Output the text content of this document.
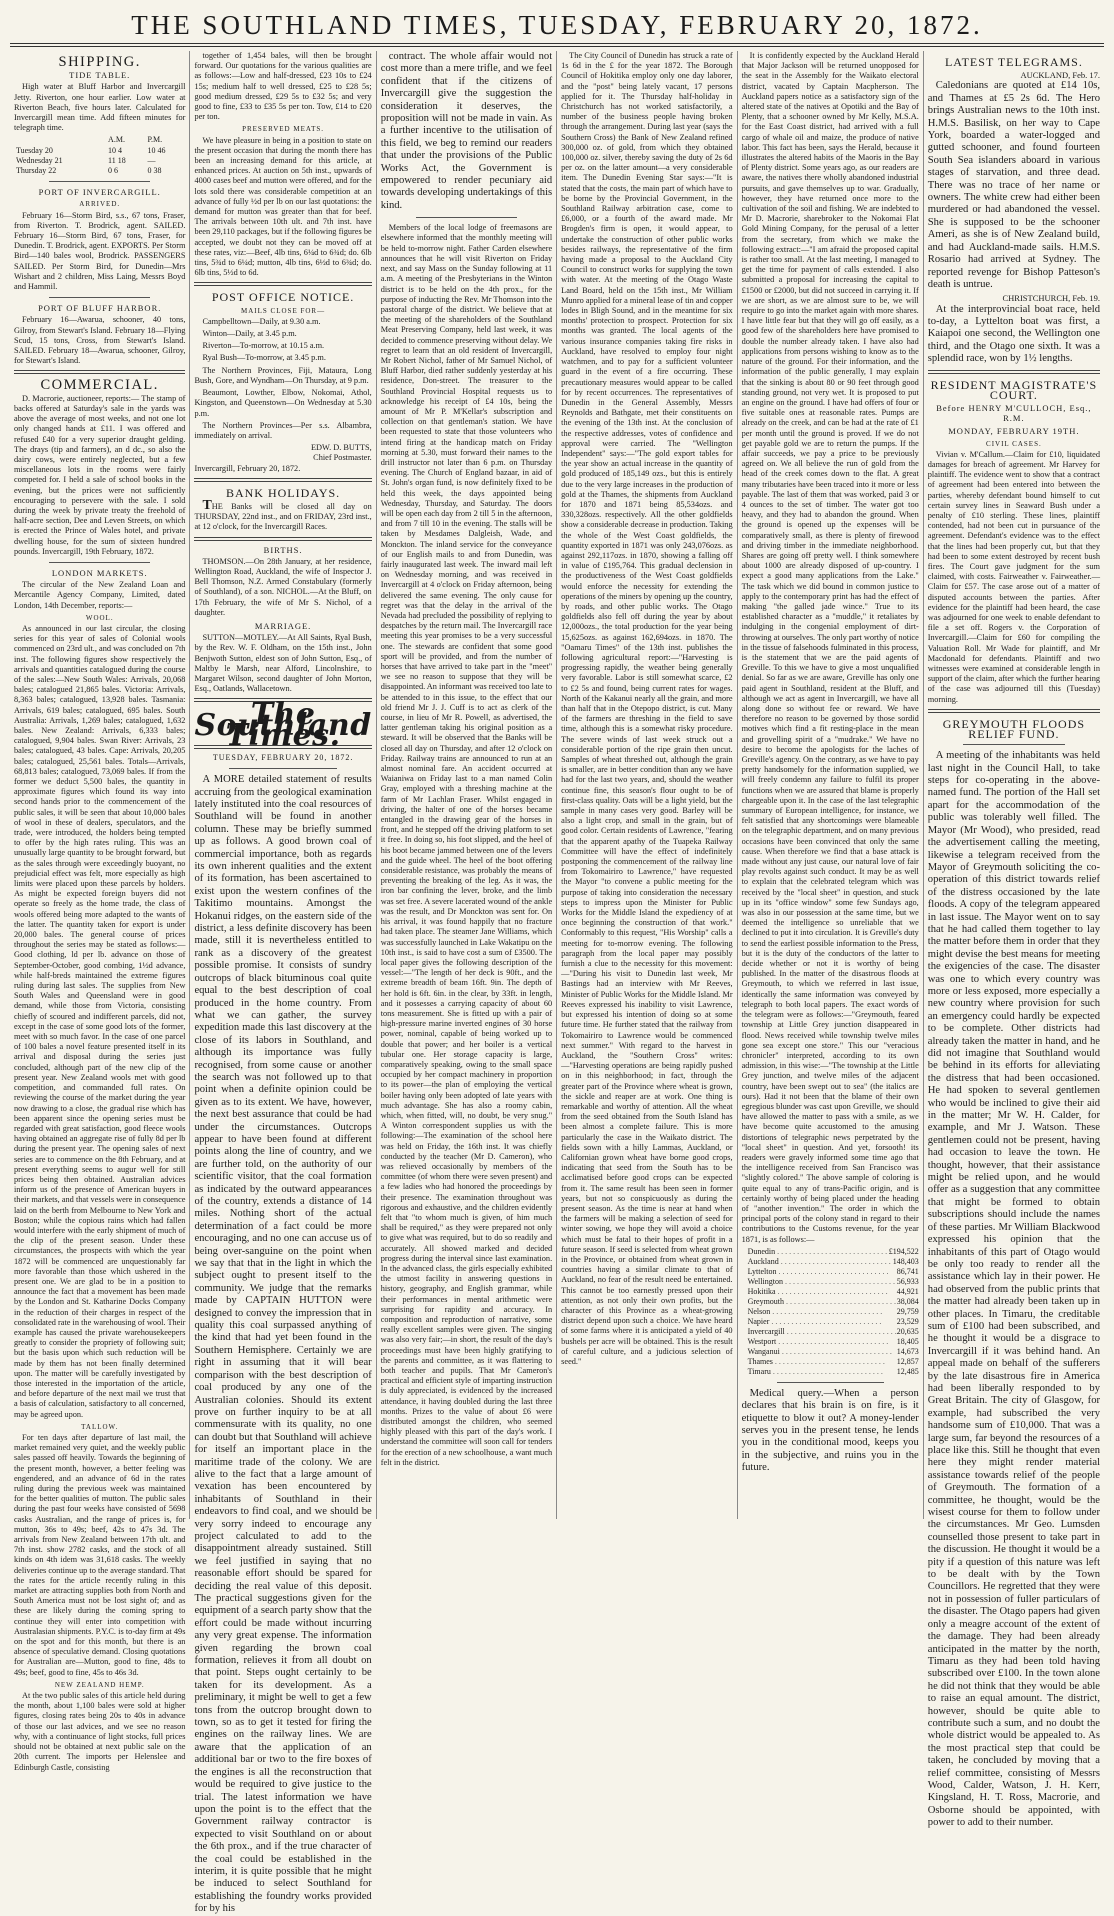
THE SOUTHLAND TIMES, TUESDAY, FEBRUARY 20, 1872.
SHIPPING.
TIDE TABLE.

High water at Bluff Harbor and Invercargill Jetty. Riverton, one hour earlier. Low water at Riverton Beach, five hours later. Calculated for Invercargill mean time. Add fifteen minutes for telegraph time.

	A.M.	P.M.
Tuesday 20	10 4	10 46
Wednesday 21	11 18	—
Thursday 22	0 6	0 38
PORT OF INVERCARGILL.
ARRIVED.

February 16—Storm Bird, s.s., 67 tons, Fraser, from Riverton. T. Brodrick, agent. SAILED. February 16—Storm Bird, 67 tons, Fraser, for Dunedin. T. Brodrick, agent. EXPORTS. Per Storm Bird—140 bales wool, Brodrick. PASSENGERS SAILED. Per Storm Bird, for Dunedin—Mrs Wishart and 2 children, Miss Laing, Messrs Boyd and Hammil.

PORT OF BLUFF HARBOR.

February 16—Awarua, schooner, 40 tons, Gilroy, from Stewart's Island. February 18—Flying Scud, 15 tons, Cross, from Stewart's Island. SAILED. February 18—Awarua, schooner, Gilroy, for Stewart's Island.

COMMERCIAL.

D. Macrorie, auctioneer, reports:— The stamp of backs offered at Saturday's sale in the yards was above the average of most weeks, and not one lot only changed hands at £11. I was offered and refused £40 for a very superior draught gelding. The drays (tip and farmers), an d dc., so also the dairy cows, were entirely neglected, but a few miscellaneous lots in the rooms were fairly competed for. I held a sale of school books in the evening, but the prices were not sufficiently encouraging to persevere with the sale. I sold during the week by private treaty the freehold of half-acre section, Dee and Leven Streets, on which is erected the Prince of Wales hotel, and private dwelling house, for the sum of sixteen hundred pounds. Invercargill, 19th February, 1872.

LONDON MARKETS.

The circular of the New Zealand Loan and Mercantile Agency Company, Limited, dated London, 14th December, reports:—

WOOL.

As announced in our last circular, the closing series for this year of sales of Colonial wools commenced on 23rd ult., and was concluded on 7th inst. The following figures show respectively the arrivals and quantities catalogued during the course of the sales:—New South Wales: Arrivals, 20,068 bales; catalogued 21,865 bales. Victoria: Arrivals, 8,363 bales; catalogued, 13,928 bales. Tasmania: Arrivals, 619 bales; catalogued, 695 bales. South Australia: Arrivals, 1,269 bales; catalogued, 1,632 bales. New Zealand: Arrivals, 6,333 bales; catalogued, 9,904 bales. Swan River: Arrivals, 23 bales; catalogued, 43 bales. Cape: Arrivals, 20,205 bales; catalogued, 25,561 bales. Totals—Arrivals, 68,813 bales; catalogued, 73,069 bales. If from the former we deduct 5,500 bales, the quantity in approximate figures which found its way into second hands prior to the commencement of the public sales, it will be seen that about 10,000 bales of wool in these of dealers, speculators, and the trade, were introduced, the holders being tempted to offer by the high rates ruling. This was an unusually large quantity to be brought forward, but as the sales through were exceedingly buoyant, no prejudicial effect was felt, more especially as high limits were placed upon these parcels by holders. As might be expected foreign buyers did not operate so freely as the home trade, the class of wools offered being more adapted to the wants of the latter. The quantity taken for export is under 20,000 bales. The general course of prices throughout the series may be stated as follows:—Good clothing, ld per lb. advance on those of September-October, good combing, 1½d advance, while half-breds maintained the extreme figures ruling during last sales. The supplies from New South Wales and Queensland were in good demand, while those from Victoria, consisting chiefly of scoured and indifferent parcels, did not, except in the case of some good lots of the former, meet with so much favor. In the case of one parcel of 100 bales a novel feature presented itself in its arrival and disposal during the series just concluded, although part of the new clip of the present year. New Zealand wools met with good competition, and commanded full rates. On reviewing the course of the market during the year now drawing to a close, the gradual rise which has been apparent since the opening series must be regarded with great satisfaction, good fleece wools having obtained an aggregate rise of fully 8d per lb during the present year. The opening sales of next series are to commence on the 8th February, and at present everything seems to augur well for still prices being then obtained. Australian advices inform us of the presence of American buyers in their markets, and that vessels were in consequence laid on the berth from Melbourne to New York and Boston; while the copious rains which had fallen would interfere with the early shipment of much of the clip of the present season. Under these circumstances, the prospects with which the year 1872 will be commenced are unquestionably far more favorable than those which ushered in the present one. We are glad to be in a position to announce the fact that a movement has been made by the London and St. Katharine Docks Company in the reduction of their charges in respect of the consolidated rate in the warehousing of wool. Their example has caused the private warehousekeepers greatly to consider the propriety of following suit; but the basis upon which such reduction will be made by them has not been finally determined upon. The matter will be carefully investigated by those interested in the importation of the article, and before departure of the next mail we trust that a basis of calculation, satisfactory to all concerned, may be agreed upon.

TALLOW.

For ten days after departure of last mail, the market remained very quiet, and the weekly public sales passed off heavily. Towards the beginning of the present month, however, a better feeling was engendered, and an advance of 6d in the rates ruling during the previous week was maintained for the better qualities of mutton. The public sales during the past four weeks have consisted of 5698 casks Australian, and the range of prices is, for mutton, 36s to 49s; beef, 42s to 47s 3d. The arrivals from New Zealand between 17th ult. and 7th inst. show 2782 casks, and the stock of all kinds on 4th idem was 31,618 casks. The weekly deliveries continue up to the average standard. That the rates for the article recently ruling in this market are attracting supplies both from North and South America must not be lost sight of; and as these are likely during the coming spring to continue they will enter into competition with Australasian shipments. P.Y.C. is to-day firm at 49s on the spot and for this month, but there is an absence of speculative demand. Closing quotations for Australian are—Mutton, good to fine, 48s to 49s; beef, good to fine, 45s to 46s 3d.

NEW ZEALAND HEMP.

At the two public sales of this article held during the month, about 1,100 bales were sold at higher figures, closing rates being 20s to 40s in advance of those our last advices, and we see no reason why, with a continuance of light stocks, full prices should not be obtained at next public sale on the 20th current. The imports per Helenslee and Edinburgh Castle, consisting

together of 1,454 bales, will then be brought forward. Our quotations for the various qualities are as follows:—Low and half-dressed, £23 10s to £24 15s; medium half to well dressed, £25 to £28 5s; good medium dressed, £29 5s to £32 5s; and very good to fine, £33 to £35 5s per ton. Tow, £14 to £20 per ton.

PRESERVED MEATS.

We have pleasure in being in a position to state on the present occasion that during the month there has been an increasing demand for this article, at enhanced prices. At auction on 5th inst., upwards of 4000 cases beef and mutton were offered, and for the lots sold there was considerable competition at an advance of fully ½d per lb on our last quotations: the demand for mutton was greater than that for beef. The arrivals between 10th ult. and 7th inst. have been 29,110 packages, but if the following figures be accepted, we doubt not they can be moved off at these rates, viz:—Beef, 4lb tins, 6¼d to 6¾d; do. 6lb tins, 5¾d to 6¼d; mutton, 4lb tins, 6½d to 6¾d; do. 6lb tins, 5½d to 6d.

POST OFFICE NOTICE.
MAILS CLOSE FOR—

Campbelltown—Daily, at 9.30 a.m.

Winton—Daily, at 3.45 p.m.

Riverton—To-morrow, at 10.15 a.m.

Ryal Bush—To-morrow, at 3.45 p.m.

The Northern Provinces, Fiji, Mataura, Long Bush, Gore, and Wyndham—On Thursday, at 9 p.m.

Beaumont, Lowther, Elbow, Nokomai, Athol, Kingston, and Queenstown—On Wednesday at 5.30 p.m.

The Northern Provinces—Per s.s. Albambra, immediately on arrival.

EDW. D. BUTTS,
Chief Postmaster.
Invercargill, February 20, 1872.
BANK HOLIDAYS.

THE Banks will be closed all day on THURSDAY, 22nd inst., and on FRIDAY, 23rd inst., at 12 o'clock, for the Invercargill Races.

BIRTHS.

THOMSON.—On 28th January, at her residence, Wellington Road, Auckland, the wife of Inspector J. Bell Thomson, N.Z. Armed Constabulary (formerly of Southland), of a son. NICHOL.—At the Bluff, on 17th February, the wife of Mr S. Nichol, of a daughter.

MARRIAGE.

SUTTON—MOTLEY.—At All Saints, Ryal Bush, by the Rev. W. F. Oldham, on the 15th inst., John Benjwoth Sutton, eldest son of John Sutton, Esq., of Maltby le Marsh, near Alford, Lincolnshire, to Margaret Wilson, second daughter of John Morton, Esq., Oatlands, Wallacetown.

The Southland Times.
TUESDAY, FEBRUARY 20, 1872.

A MORE detailed statement of results accruing from the geological examination lately instituted into the coal resources of Southland will be found in another column. These may be briefly summed up as follows. A good brown coal of commercial importance, both as regards its own inherent qualities and the extent of its formation, has been ascertained to exist upon the western confines of the Takitimo mountains. Amongst the Hokanui ridges, on the eastern side of the district, a less definite discovery has been made, still it is nevertheless entitled to rank as a discovery of the greatest possible promise. It consists of sundry outcrops of black bituminous coal quite equal to the best description of coal produced in the home country. From what we can gather, the survey expedition made this last discovery at the close of its labors in Southland, and although its importance was fully recognised, from some cause or another the search was not followed up to that point when a definite opinion could be given as to its extent. We have, however, the next best assurance that could be had under the circumstances. Outcrops appear to have been found at different points along the line of country, and we are further told, on the authority of our scientific visitor, that the coal formation as indicated by the outward appearances of the country, extends a distance of 14 miles. Nothing short of the actual determination of a fact could be more encouraging, and no one can accuse us of being over-sanguine on the point when we say that that in the light in which the subject ought to present itself to the community. We judge that the remarks made by CAPTAIN HUTTON were designed to convey the impression that in quality this coal surpassed anything of the kind that had yet been found in the Southern Hemisphere. Certainly we are right in assuming that it will bear comparison with the best description of coal produced by any one of the Australian colonies. Should its extent prove on further inquiry to be at all commensurate with its quality, no one can doubt but that Southland will achieve for itself an important place in the maritime trade of the colony. We are alive to the fact that a large amount of vexation has been encountered by inhabitants of Southland in their endeavors to find coal, and we should be very sorry indeed to encourage any project calculated to add to the disappointment already sustained. Still we feel justified in saying that no reasonable effort should be spared for deciding the real value of this deposit. The practical suggestions given for the equipment of a search party show that the effort could be made without incurring any very great expense. The information given regarding the brown coal formation, relieves it from all doubt on that point. Steps ought certainly to be taken for its development. As a preliminary, it might be well to get a few tons from the outcrop brought down to town, so as to get it tested for firing the engines on the railway lines. We are aware that the application of an additional bar or two to the fire boxes of the engines is all the reconstruction that would be required to give justice to the trial. The latest information we have upon the point is to the effect that the Government railway contractor is expected to visit Southland on or about the 6th prox., and if the true character of the coal could be established in the interim, it is quite possible that he might be induced to select Southland for establishing the foundry works provided for by his

contract. The whole affair would not cost more than a mere trifle, and we feel confident that if the citizens of Invercargill give the suggestion the consideration it deserves, the proposition will not be made in vain. As a further incentive to the utilisation of this field, we beg to remind our readers that under the provisions of the Public Works Act, the Government is empowered to render pecuniary aid towards developing undertakings of this kind.

Members of the local lodge of freemasons are elsewhere informed that the monthly meeting will be held to-morrow night. Father Carden elsewhere announces that he will visit Riverton on Friday next, and say Mass on the Sunday following at 11 a.m. A meeting of the Presbyterians in the Winton district is to be held on the 4th prox., for the purpose of inducting the Rev. Mr Thomson into the pastoral charge of the district. We believe that at the meeting of the shareholders of the Southland Meat Preserving Company, held last week, it was decided to commence preserving without delay. We regret to learn that an old resident of Invercargill, Mr Robert Nichol, father of Mr Samuel Nichol, of Bluff Harbor, died rather suddenly yesterday at his residence, Don-street. The treasurer to the Southland Provincial Hospital requests us to acknowledge his receipt of £4 10s, being the amount of Mr P. M'Kellar's subscription and collection on that gentleman's station. We have been requested to state that those volunteers who intend firing at the handicap match on Friday morning at 5.30, must forward their names to the drill instructor not later than 6 p.m. on Thursday evening. The Church of England bazaar, in aid of St. John's organ fund, is now definitely fixed to be held this week, the days appointed being Wednesday, Thursday, and Saturday. The doors will be open each day from 2 till 5 in the afternoon, and from 7 till 10 in the evening. The stalls will be taken by Mesdames Dalgleish, Wade, and Monckton. The inland service for the conveyance of our English mails to and from Dunedin, was fairly inaugurated last week. The inward mail left on Wednesday morning, and was received in Invercargill at 4 o'clock on Friday afternoon, being delivered the same evening. The only cause for regret was that the delay in the arrival of the Nevada had precluded the possibility of replying to despatches by the return mail. The Invercargill race meeting this year promises to be a very successful one. The stewards are confident that some good sport will be provided, and from the number of horses that have arrived to take part in the "meet" we see no reason to suppose that they will be disappointed. An informant was received too late to be attended to in this issue, to the effect that our old friend Mr J. J. Cuff is to act as clerk of the course, in lieu of Mr R. Powell, as advertised, the latter gentleman taking his original position as a steward. It will be observed that the Banks will be closed all day on Thursday, and after 12 o'clock on Friday. Railway trains are announced to run at an almost nominal fare. An accident occurred at Waianiwa on Friday last to a man named Colin Gray, employed with a threshing machine at the farm of Mr Lachlan Fraser. Whilst engaged in driving, the halter of one of the horses became entangled in the drawing gear of the horses in front, and he stepped off the driving platform to set it free. In doing so, his foot slipped, and the heel of his boot became jammed between one of the levers and the guide wheel. The heel of the boot offering considerable resistance, was probably the means of preventing the breaking of the leg. As it was, the iron bar confining the lever, broke, and the limb was set free. A severe lacerated wound of the ankle was the result, and Dr Monckton was sent for. On his arrival, it was found happily that no fracture had taken place. The steamer Jane Williams, which was successfully launched in Lake Wakatipu on the 10th inst., is said to have cost a sum of £3500. The local paper gives the following description of the vessel:—"The length of her deck is 90ft., and the extreme breadth of beam 16ft. 9in. The depth of her hold is 6ft. 6in. in the clear, by 33ft. in length, and it possesses a carrying capacity of about 60 tons measurement. She is fitted up with a pair of high-pressure marine inverted engines of 30 horse power, nominal, capable of being worked up to double that power; and her boiler is a vertical tubular one. Her storage capacity is large, comparatively speaking, owing to the small space occupied by her compact machinery in proportion to its power—the plan of employing the vertical boiler having only been adopted of late years with much advantage. She has also a roomy cabin, which, when fitted, will, no doubt, be very snug." A Winton correspondent supplies us with the following:—The examination of the school here was held on Friday, the 16th inst. It was chiefly conducted by the teacher (Mr D. Cameron), who was relieved occasionally by members of the committee (of whom there were seven present) and a few ladies who had honored the proceedings by their presence. The examination throughout was rigorous and exhaustive, and the children evidently felt that "to whom much is given, of him much shall be required," as they were prepared not only to give what was required, but to do so readily and accurately. All showed marked and decided progress during the interval since last examination. In the advanced class, the girls especially exhibited the utmost facility in answering questions in history, geography, and English grammar, while their performances in mental arithmetic were surprising for rapidity and accuracy. In composition and reproduction of narrative, some really excellent samples were given. The singing was also very fair;—in short, the result of the day's proceedings must have been highly gratifying to the parents and committee, as it was flattering to both teacher and pupils. That Mr Cameron's practical and efficient style of imparting instruction is duly appreciated, is evidenced by the increased attendance, it having doubled during the last three months. Prizes to the value of about £6 were distributed amongst the children, who seemed highly pleased with this part of the day's work. I understand the committee will soon call for tenders for the erection of a new schoolhouse, a want much felt in the district.

The City Council of Dunedin has struck a rate of 1s 6d in the £ for the year 1872. The Borough Council of Hokitika employ only one day laborer, and the "post" being lately vacant, 17 persons applied for it. The Thursday half-holiday in Christchurch has not worked satisfactorily, a number of the business people having broken through the arrangement. During last year (says the Southern Cross) the Bank of New Zealand refined 300,000 oz. of gold, from which they obtained 100,000 oz. silver, thereby saving the duty of 2s 6d per oz. on the latter amount—a very considerable item. The Dunedin Evening Star says:—"It is stated that the costs, the main part of which have to be borne by the Provincial Government, in the Southland Railway arbitration case, come to £6,000, or a fourth of the award made. Mr Brogden's firm is open, it would appear, to undertake the construction of other public works besides railways, the representative of the firm having made a proposal to the Auckland City Council to construct works for supplying the town with water. At the meeting of the Otago Waste Land Board, held on the 15th inst., Mr William Munro applied for a mineral lease of tin and copper lodes in Bligh Sound, and in the meantime for six months' protection to prospect. Protection for six months was granted. The local agents of the various insurance companies taking fire risks in Auckland, have resolved to employ four night watchmen, and to pay for a sufficient volunteer guard in the event of a fire occurring. These precautionary measures would appear to be called for by recent occurrences. The representatives of Dunedin in the General Assembly, Messrs Reynolds and Bathgate, met their constituents on the evening of the 13th inst. At the conclusion of the respective addresses, votes of confidence and approval were carried. The "Wellington Independent" says:—"The gold export tables for the year show an actual increase in the quantity of gold produced of 185,149 ozs., but this is entirely due to the very large increases in the production of gold at the Thames, the shipments from Auckland for 1870 and 1871 being 85,534ozs. and 330,328ozs. respectively. All the other goldfields show a considerable decrease in production. Taking the whole of the West Coast goldfields, the quantity exported in 1871 was only 243,076ozs. as against 292,117ozs. in 1870, showing a falling off in value of £195,764. This gradual declension in the productiveness of the West Coast goldfields would enforce the necessity for extending the operations of the miners by opening up the country, by roads, and other public works. The Otago goldfields also fell off during the year by about 12,000ozs., the total production for the year being 15,625ozs. as against 162,694ozs. in 1870. The "Oamaru Times" of the 13th inst. publishes the following agricultural report:—"Harvesting is progressing rapidly, the weather being generally very favorable. Labor is still somewhat scarce, £2 to £2 5s and found, being current rates for wages. North of the Kakanui nearly all the grain, and more than half that in the Otepopo district, is cut. Many of the farmers are threshing in the field to save time, although this is a somewhat risky procedure. The severe winds of last week struck out a considerable portion of the ripe grain then uncut. Samples of wheat threshed out, although the grain is smaller, are in better condition than any we have had for the last two years, and, should the weather continue fine, this season's flour ought to be of first-class quality. Oats will be a light yield, but the sample in many cases very good. Barley will be also a light crop, and small in the grain, but of good color. Certain residents of Lawrence, "fearing that the apparent apathy of the Tuapeka Railway Committee will have the effect of indefinitely postponing the commencement of the railway line from Tokomairiro to Lawrence," have requested the Mayor "to convene a public meeting for the purpose of taking into consideration the necessary steps to impress upon the Minister for Public Works for the Middle Island the expediency of at once beginning the construction of that work." Conformably to this request, "His Worship" calls a meeting for to-morrow evening. The following paragraph from the local paper may possibly furnish a clue to the necessity for this movement:—"During his visit to Dunedin last week, Mr Bastings had an interview with Mr Reeves, Minister of Public Works for the Middle Island. Mr Reeves expressed his inability to visit Lawrence, but expressed his intention of doing so at some future time. He further stated that the railway from Tokomairiro to Lawrence would be commenced next summer." With regard to the harvest in Auckland, the "Southern Cross" writes:—"Harvesting operations are being rapidly pushed on in this neighborhood; in fact, through the greater part of the Province where wheat is grown, the sickle and reaper are at work. One thing is remarkable and worthy of attention. All the wheat from the seed obtained from the South Island has been almost a complete failure. This is more particularly the case in the Waikato district. The fields sown with a hilly Lammas, Auckland, or Californian grown wheat have borne good crops, indicating that seed from the South has to be acclimatised before good crops can be expected from it. The same result has been seen in former years, but not so conspicuously as during the present season. As the time is near at hand when the farmers will be making a selection of seed for winter sowing, we hope they will avoid a choice which must be fatal to their hopes of profit in a future season. If seed is selected from wheat grown in the Province, or obtained from wheat grown in countries having a similar climate to that of Auckland, no fear of the result need be entertained. This cannot be too earnestly pressed upon their attention, as not only their own profits, but the character of this Province as a wheat-growing district depend upon such a choice. We have heard of some farms where it is anticipated a yield of 40 bushels per acre will be obtained. This is the result of careful culture, and a judicious selection of seed."

It is confidently expected by the Auckland Herald that Major Jackson will be returned unopposed for the seat in the Assembly for the Waikato electoral district, vacated by Captain Macpherson. The Auckland papers notice as a satisfactory sign of the altered state of the natives at Opotiki and the Bay of Plenty, that a schooner owned by Mr Kelly, M.S.A. for the East Coast district, had arrived with a full cargo of whale oil and maize, the produce of native labor. This fact has been, says the Herald, because it illustrates the altered habits of the Maoris in the Bay of Plenty district. Some years ago, as our readers are aware, the natives there wholly abandoned industrial pursuits, and gave themselves up to war. Gradually, however, they have returned once more to the cultivation of the soil and fishing. We are indebted to Mr D. Macrorie, sharebroker to the Nokomai Flat Gold Mining Company, for the perusal of a letter from the secretary, from which we make the following extract:—"I am afraid the proposed capital is rather too small. At the last meeting, I managed to get the time for payment of calls extended. I also submitted a proposal for increasing the capital to £1500 or £2000, but did not succeed in carrying it. If we are short, as we are almost sure to be, we will require to go into the market again with more shares. I have little fear but that they will go off easily, as a good few of the shareholders here have promised to double the number already taken. I have also had applications from persons wishing to know as to the nature of the ground. For their information, and the information of the public generally, I may explain that the sinking is about 80 or 90 feet through good standing ground, not very wet. It is proposed to put an engine on the ground. I have had offers of four or five suitable ones at reasonable rates. Pumps are already on the creek, and can be had at the rate of £1 per month until the ground is proved. If we do not get payable gold we are to return the pumps. If the affair succeeds, we pay a price to be previously agreed on. We all believe the run of gold from the head of the creek comes down to the flat. A great many tributaries have been traced into it more or less payable. The last of them that was worked, paid 3 or 4 ounces to the set of timber. The water got too heavy, and they had to abandon the ground. When the ground is opened up the expenses will be comparatively small, as there is plenty of firewood and driving timber in the immediate neighborhood. Shares are going off pretty well. I think somewhere about 1000 are already disposed of up-country. I expect a good many applications from the Lake." The task which we did bound in common justice to apply to the contemporary print has had the effect of making "the galled jade wince." True to its established character as a "muddle," it retaliates by indulging in the congenial employment of dirt-throwing at ourselves. The only part worthy of notice in the tissue of falsehoods fulminated in this process, is the statement that we are the paid agents of Greville. To this we have to give a most unqualified denial. So far as we are aware, Greville has only one paid agent in Southland, resident at the Bluff, and although we act as agent in Invercargill, we have all along done so without fee or reward. We have therefore no reason to be governed by those sordid motives which find a fit resting-place in the mean and grovelling spirit of a "mudrake." We have no desire to become the apologists for the laches of Greville's agency. On the contrary, as we have to pay pretty handsomely for the information supplied, we will freely condemn any failure to fulfil its proper functions when we are assured that blame is properly chargeable upon it. In the case of the last telegraphic summary of European intelligence, for instance, we felt satisfied that any shortcomings were blameable on the telegraphic department, and on many previous occasions have been convinced that only the same cause. When therefore we find that a base attack is made without any just cause, our natural love of fair play revolts against such conduct. It may be as well to explain that the celebrated telegram which was received by the "local sheet" in question, and stuck up in its "office window" some few Sundays ago, was also in our possession at the same time, but we deemed the intelligence so unreliable that we declined to put it into circulation. It is Greville's duty to send the earliest possible information to the Press, but it is the duty of the conductors of the latter to decide whether or not it is worthy of being published. In the matter of the disastrous floods at Greymouth, to which we referred in last issue, identically the same information was conveyed by telegraph to both local papers. The exact words of the telegram were as follows:—"Greymouth, feared township at Little Grey junction disappeared in flood. News received while township twelve miles gone sea except one store." This our "veracious chronicler" interpreted, according to its own admission, in this wise:—"The township at the Little Grey junction, and twelve miles of the adjacent country, have been swept out to sea" (the italics are ours). Had it not been that the blame of their own egregious blunder was cast upon Greville, we should have allowed the matter to pass with a smile, as we have become quite accustomed to the amusing distortions of telegraphic news perpetrated by the "local sheet" in question. And yet, forsooth! its readers were gravely informed some time ago that the intelligence received from San Francisco was "slightly colored." The above sample of coloring is quite equal to any of trans-Pacific origin, and is certainly worthy of being placed under the heading of "another invention." The order in which the principal ports of the colony stand in regard to their contributions to the Customs revenue, for the year 1871, is as follows:—

Dunedin . . .	£194,522
Auckland . . .	148,403
Lyttelton . . .	86,741
Wellington . . .	56,933
Hokitika . . .	44,921
Greymouth . . .	38,084
Nelson . . .	29,759
Napier . . .	23,529
Invercargill . . .	20,635
Westport . . .	18,405
Wanganui . . .	14,673
Thames . . .	12,857
Timaru . . .	12,485

Medical query.—When a person declares that his brain is on fire, is it etiquette to blow it out? A money-lender serves you in the present tense, he lends you in the conditional mood, keeps you in the subjective, and ruins you in the future.

LATEST TELEGRAMS.
AUCKLAND, Feb. 17.

Caledonians are quoted at £14 10s, and Thames at £5 2s 6d. The Hero brings Australian news to the 10th inst. H.M.S. Basilisk, on her way to Cape York, boarded a water-logged and gutted schooner, and found fourteen South Sea islanders aboard in various stages of starvation, and three dead. There was no trace of her name or owners. The white crew had either been murdered or had abandoned the vessel. She is supposed to be the schooner Ameri, as she is of New Zealand build, and had Auckland-made sails. H.M.S. Rosario had arrived at Sydney. The reported revenge for Bishop Patteson's death is untrue.

CHRISTCHURCH, Feb. 19.

At the interprovincial boat race, held to-day, a Lyttelton boat was first, a Kaiapoi one second, the Wellington one third, and the Otago one sixth. It was a splendid race, won by 1½ lengths.

RESIDENT MAGISTRATE'S COURT.
Before HENRY M'CULLOCH, Esq., R.M.
MONDAY, FEBRUARY 19TH.
CIVIL CASES.

Vivian v. M'Callum.—Claim for £10, liquidated damages for breach of agreement. Mr Harvey for plaintiff. The evidence went to show that a contract of agreement had been entered into between the parties, whereby defendant bound himself to cut certain survey lines in Seaward Bush under a penalty of £10 sterling. These lines, plaintiff contended, had not been cut in pursuance of the agreement. Defendant's evidence was to the effect that the lines had been properly cut, but that they had been to some extent destroyed by recent bush fires. The Court gave judgment for the sum claimed, with costs. Fairweather v. Fairweather.—Claim for £57. The case arose out of a matter of disputed accounts between the parties. After evidence for the plaintiff had been heard, the case was adjourned for one week to enable defendant to file a set off. Rogers v. the Corporation of Invercargill.—Claim for £60 for compiling the Valuation Roll. Mr Wade for plaintiff, and Mr Macdonald for defendants. Plaintiff and two witnesses were examined at considerable length in support of the claim, after which the further hearing of the case was adjourned till this (Tuesday) morning.

GREYMOUTH FLOODS RELIEF FUND.

A meeting of the inhabitants was held last night in the Council Hall, to take steps for co-operating in the above-named fund. The portion of the Hall set apart for the accommodation of the public was tolerably well filled. The Mayor (Mr Wood), who presided, read the advertisement calling the meeting, likewise a telegram received from the Mayor of Greymouth soliciting the co-operation of this district towards relief of the distress occasioned by the late floods. A copy of the telegram appeared in last issue. The Mayor went on to say that he had called them together to lay the matter before them in order that they might devise the best means for meeting the exigencies of the case. The disaster was one to which every country was more or less exposed, more especially a new country where provision for such an emergency could hardly be expected to be complete. Other districts had already taken the matter in hand, and he did not imagine that Southland would be behind in its efforts for alleviating the distress that had been occasioned. He had spoken to several gentlemen who would be inclined to give their aid in the matter; Mr W. H. Calder, for example, and Mr J. Watson. These gentlemen could not be present, having had occasion to leave the town. He thought, however, that their assistance might be relied upon, and he would offer as a suggestion that any committee that might be formed to obtain subscriptions should include the names of these parties. Mr William Blackwood expressed his opinion that the inhabitants of this part of Otago would be only too ready to render all the assistance which lay in their power. He had observed from the public prints that the matter had already been taken up in other places. In Timaru, the creditable sum of £100 had been subscribed, and he thought it would be a disgrace to Invercargill if it was behind hand. An appeal made on behalf of the sufferers by the late disastrous fire in America had been liberally responded to by Great Britain. The city of Glasgow, for example, had subscribed the very handsome sum of £10,000. That was a large sum, far beyond the resources of a place like this. Still he thought that even here they might render material assistance towards relief of the people of Greymouth. The formation of a committee, he thought, would be the wisest course for them to follow under the circumstances. Mr Geo. Lumsden counselled those present to take part in the discussion. He thought it would be a pity if a question of this nature was left to be dealt with by the Town Councillors. He regretted that they were not in possession of fuller particulars of the disaster. The Otago papers had given only a meagre account of the extent of the damage. They had been already anticipated in the matter by the north, Timaru as they had been told having subscribed over £100. In the town alone he did not think that they would be able to raise an equal amount. The district, however, should be quite able to contribute such a sum, and no doubt the whole district would be appealed to. As the most practical step that could be taken, he concluded by moving that a relief committee, consisting of Messrs Wood, Calder, Watson, J. H. Kerr, Kingsland, H. T. Ross, Macrorie, and Osborne should be appointed, with power to add to their number.
